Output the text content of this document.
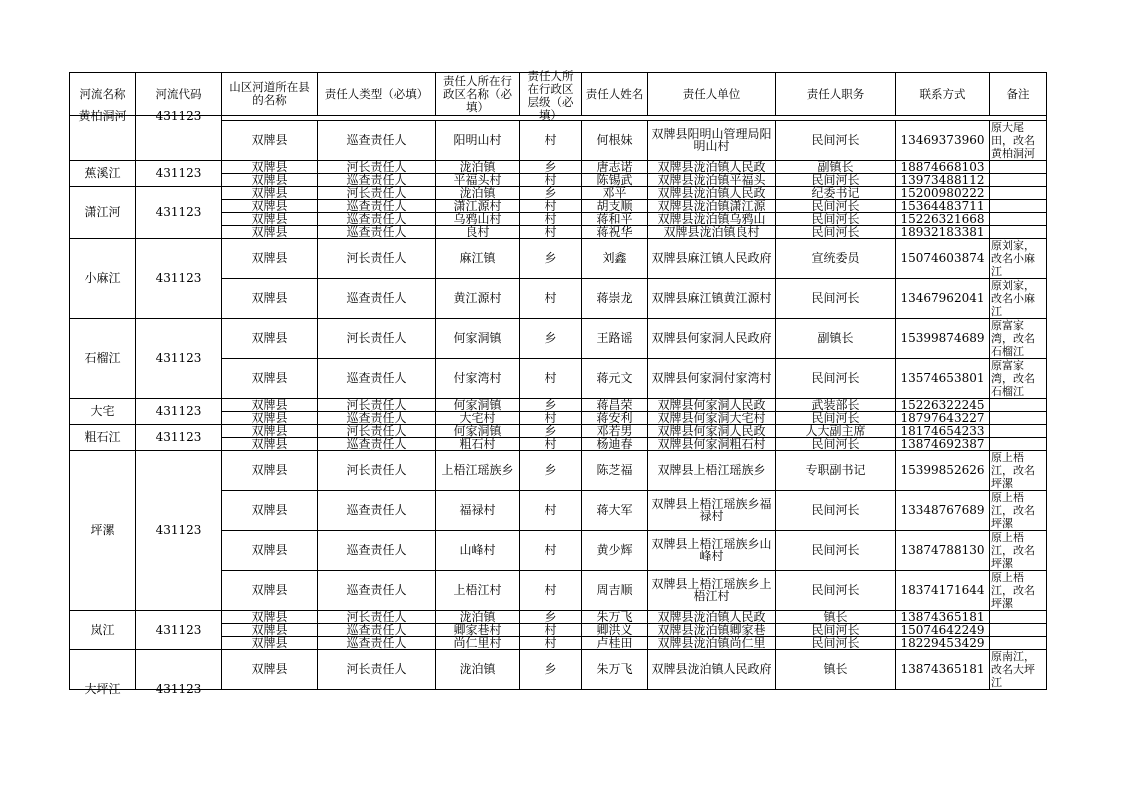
河流名称	河流代码	山区河道所在县的名称	责任人类型（必填）	责任人所在行政区名称（必填）	责任人所在行政区层级（必填）	责任人姓名	责任人单位	责任人职务	联系方式	备注

黄柏洞河	431123									

		双牌县	巡查责任人	阳明山村	村	何根妹	双牌县阳明山管理局阳明山村	民间河长	13469373960	原大尾田，改名黄柏洞河

蕉溪江	431123	双牌县	河长责任人	泷泊镇	乡	唐志诺	双牌县泷泊镇人民政	副镇长	18874668103	
		双牌县	巡查责任人	平福头村	村	陈锡武	双牌县泷泊镇平福头	民间河长	13973488112	
潇江河	431123	双牌县	河长责任人	泷泊镇	乡	邓平	双牌县泷泊镇人民政	纪委书记	15200980222	
		双牌县	巡查责任人	潇江源村	村	胡支顺	双牌县泷泊镇潇江源	民间河长	15364483711	
		双牌县	巡查责任人	乌鸦山村	村	蒋和平	双牌县泷泊镇乌鸦山	民间河长	15226321668	
		双牌县	巡查责任人	良村	村	蒋祝华	双牌县泷泊镇良村	民间河长	18932183381	
小麻江	431123	双牌县	河长责任人	麻江镇	乡	刘鑫	双牌县麻江镇人民政府	宣统委员	15074603874	原刘家，改名小麻江

		双牌县	巡查责任人	黄江源村	村	蒋崇龙	双牌县麻江镇黄江源村	民间河长	13467962041	原刘家，改名小麻江

石榴江	431123	双牌县	河长责任人	何家洞镇	乡	王路谣	双牌县何家洞人民政府	副镇长	15399874689	原富家湾，改名石榴江

		双牌县	巡查责任人	付家湾村	村	蒋元文	双牌县何家洞付家湾村	民间河长	13574653801	原富家湾，改名石榴江

大宅	431123	双牌县	河长责任人	何家洞镇	乡	蒋昌荣	双牌县何家洞人民政	武装部长	15226322245	
		双牌县	巡查责任人	大宅村	村	蒋安利	双牌县何家洞大宅村	民间河长	18797643227	
粗石江	431123	双牌县	河长责任人	何家洞镇	乡	邓若男	双牌县何家洞人民政	人大副主席	18174654233	
		双牌县	巡查责任人	粗石村	村	杨迪春	双牌县何家洞粗石村	民间河长	13874692387	
坪漯	431123	双牌县	河长责任人	上梧江瑶族乡	乡	陈芝福	双牌县上梧江瑶族乡	专职副书记	15399852626	原上梧江，改名坪漯

		双牌县	巡查责任人	福禄村	村	蒋大军	双牌县上梧江瑶族乡福禄村	民间河长	13348767689	原上梧江，改名坪漯

		双牌县	巡查责任人	山峰村	村	黄少辉	双牌县上梧江瑶族乡山峰村	民间河长	13874788130	原上梧江，改名坪漯

		双牌县	巡查责任人	上梧江村	村	周吉顺	双牌县上梧江瑶族乡上梧江村	民间河长	18374171644	原上梧江，改名坪漯

岚江	431123	双牌县	河长责任人	泷泊镇	乡	朱万飞	双牌县泷泊镇人民政	镇长	13874365181	
		双牌县	巡查责任人	卿家巷村	村	卿洪义	双牌县泷泊镇卿家巷	民间河长	15074642249	
		双牌县	巡查责任人	尚仁里村	村	卢桂田	双牌县泷泊镇尚仁里	民间河长	18229453429	

大坪江	431123	双牌县	河长责任人	泷泊镇	乡	朱万飞	双牌县泷泊镇人民政府	镇长	13874365181	原南江，改名大坪江
